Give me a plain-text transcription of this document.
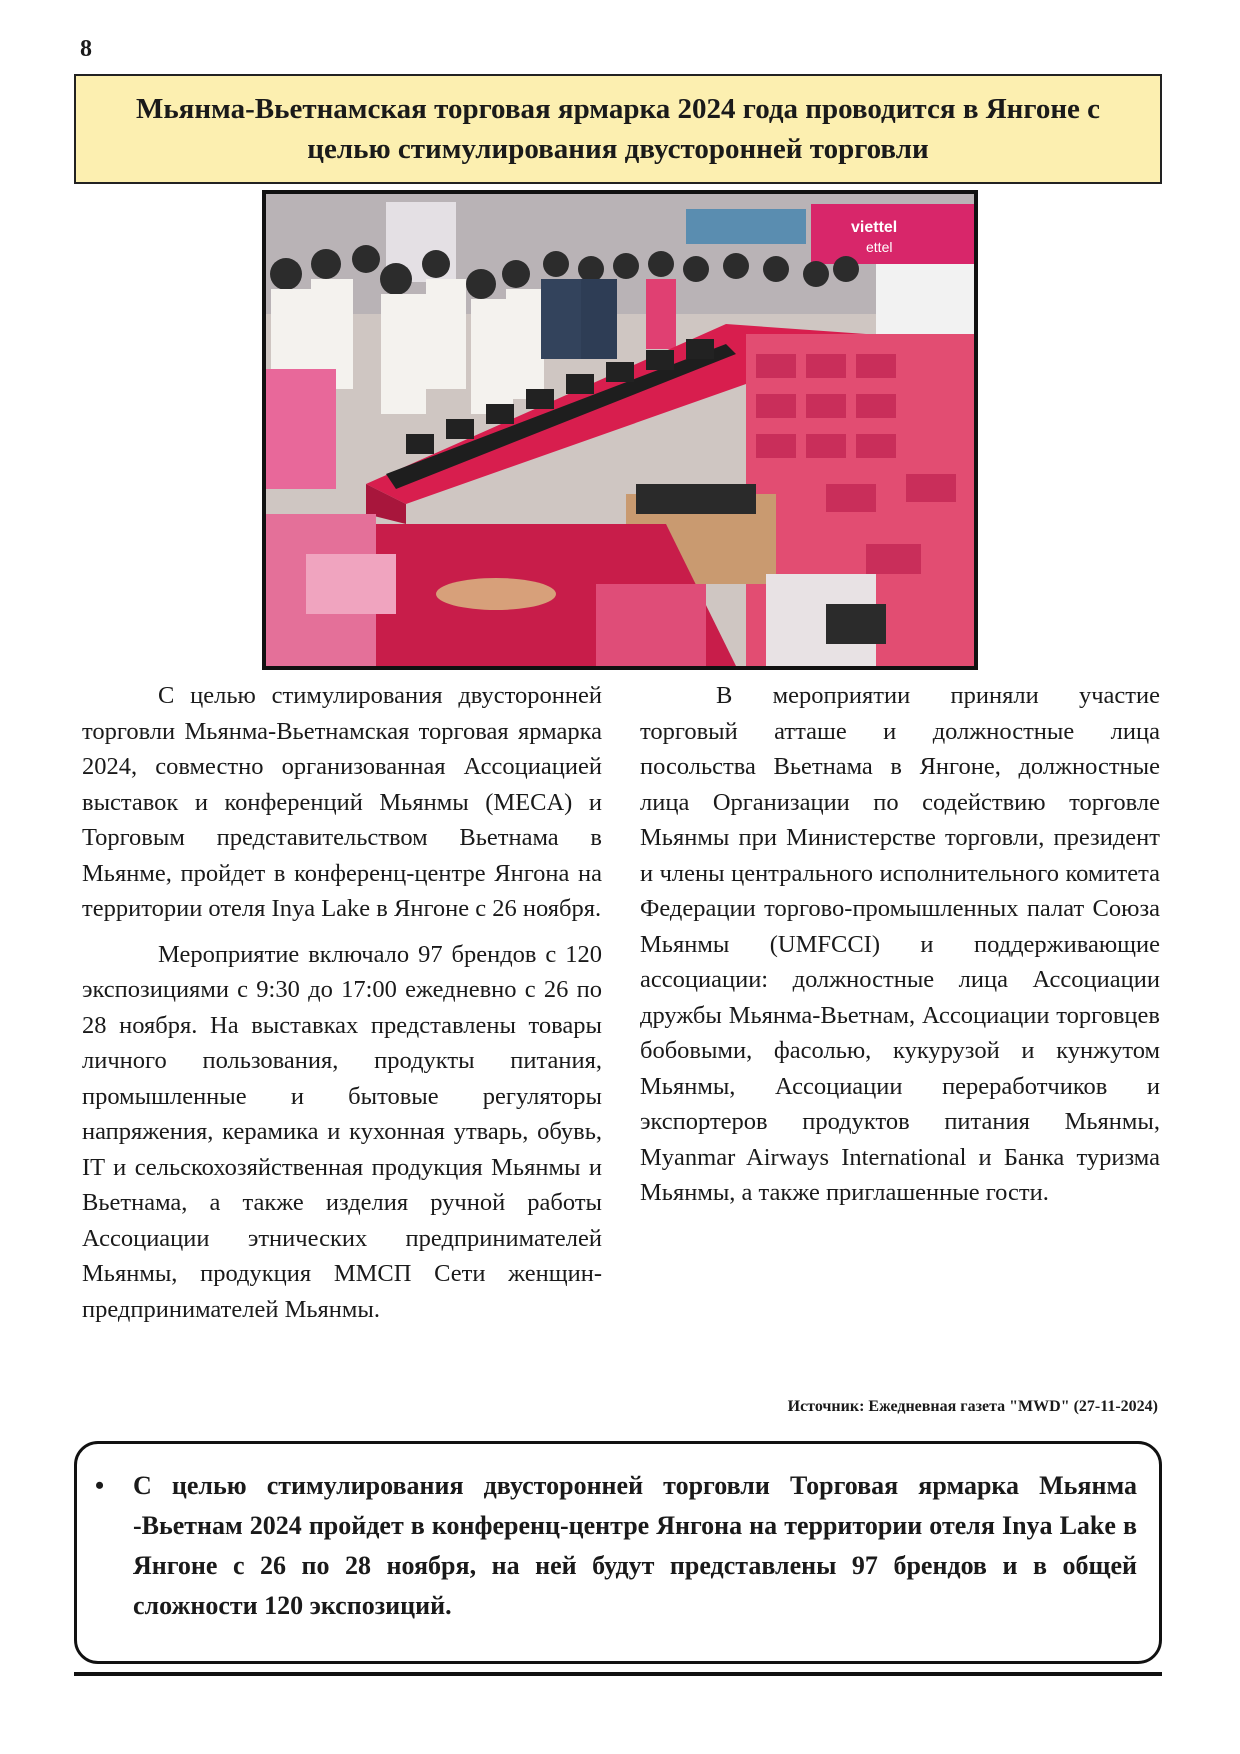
8
Мьянма-Вьетнамская торговая ярмарка 2024 года проводится в Янгоне с целью стимулирования двусторонней торговли
viettel
ettel

С целью стимулирования двусторонней торговли Мьянма-Вьетнамская торговая ярмарка 2024, совместно организованная Ассоциацией выставок и конференций Мьянмы (MECA) и Торговым представительством Вьетнама в Мьянме, пройдет в конференц-центре Янгона на территории отеля Inya Lake в Янгоне с 26 ноября.

Мероприятие включало 97 брендов с 120 экспозициями с 9:30 до 17:00 ежедневно с 26 по 28 ноября. На выставках представлены товары личного пользования, продукты питания, промышленные и бытовые регуляторы напряжения, керамика и кухонная утварь, обувь, IT и сельскохозяйственная продукция Мьянмы и Вьетнама, а также изделия ручной работы Ассоциации этнических предпринимателей Мьянмы, продукция ММСП Сети женщин-предпринимателей Мьянмы.

В мероприятии приняли участие торговый атташе и должностные лица посольства Вьетнама в Янгоне, должностные лица Организации по содействию торговле Мьянмы при Министерстве торговли, президент и члены центрального исполнительного комитета Федерации торгово-промышленных палат Союза Мьянмы (UMFCCI) и поддерживающие ассоциации: должностные лица Ассоциации дружбы Мьянма-Вьетнам, Ассоциации торговцев бобовыми, фасолью, кукурузой и кунжутом Мьянмы, Ассоциации переработчиков и экспортеров продуктов питания Мьянмы, Myanmar Airways International и Банка туризма Мьянмы, а также приглашенные гости.

Источник: Ежедневная газета "MWD" (27-11-2024)
• С целью стимулирования двусторонней торговли Торговая ярмарка Мьянма -Вьетнам 2024 пройдет в конференц-центре Янгона на территории отеля Inya Lake в Янгоне с 26 по 28 ноября, на ней будут представлены 97 брендов и в общей сложности 120 экспозиций.
